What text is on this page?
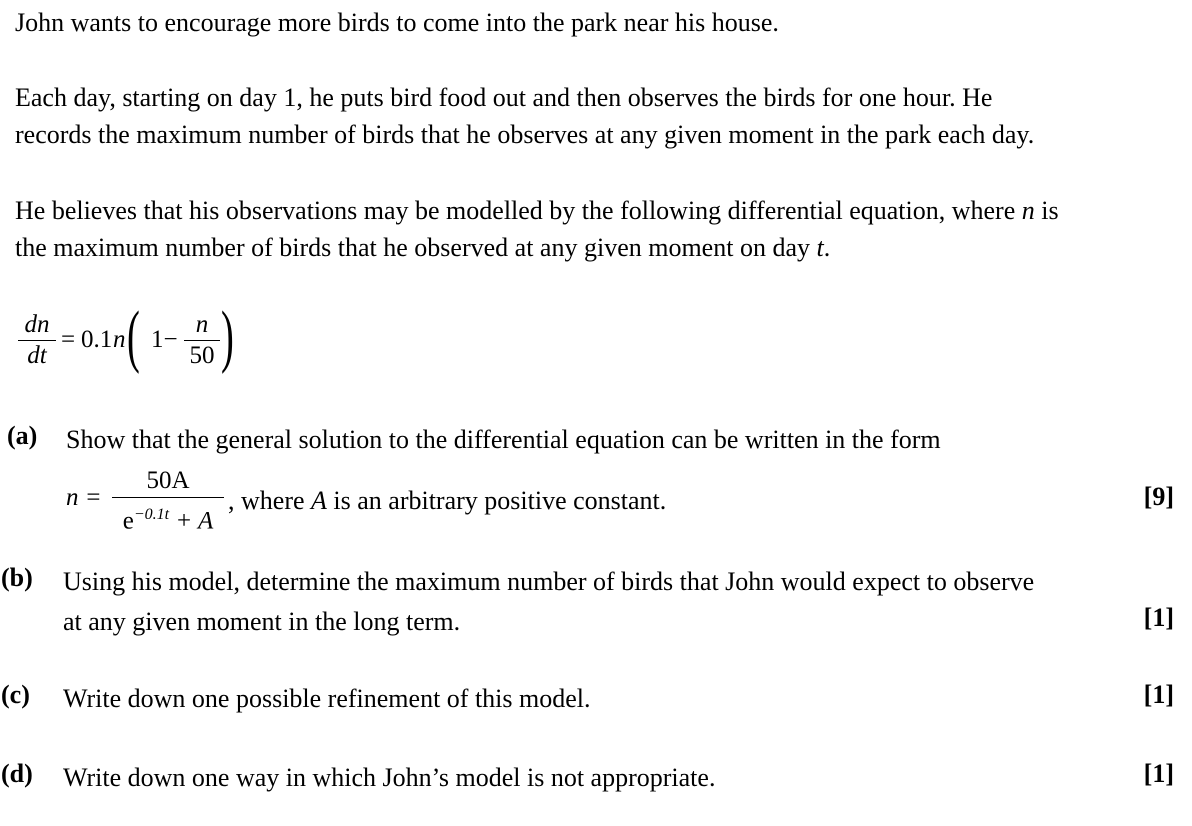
John wants to encourage more birds to come into the park near his house.

Each day, starting on day 1, he puts bird food out and then observes the birds for one hour. He

records the maximum number of birds that he observes at any given moment in the park each day.

He believes that his observations may be modelled by the following differential equation, where n is

the maximum number of birds that he observed at any given moment on day t.

dn
dt
= 0.1 n ( 1−
n
50 )
(a) Show that the general solution to the differential equation can be written in the form
n =
50A
$e^{-0.1t} + A$
, where A is an arbitrary positive constant.	[9]
(b) Using his model, determine the maximum number of birds that John would expect to observe
at any given moment in the long term.	[1]
(c) Write down one possible refinement of this model.	[1]
(d) Write down one way in which John’s model is not appropriate.	[1]
